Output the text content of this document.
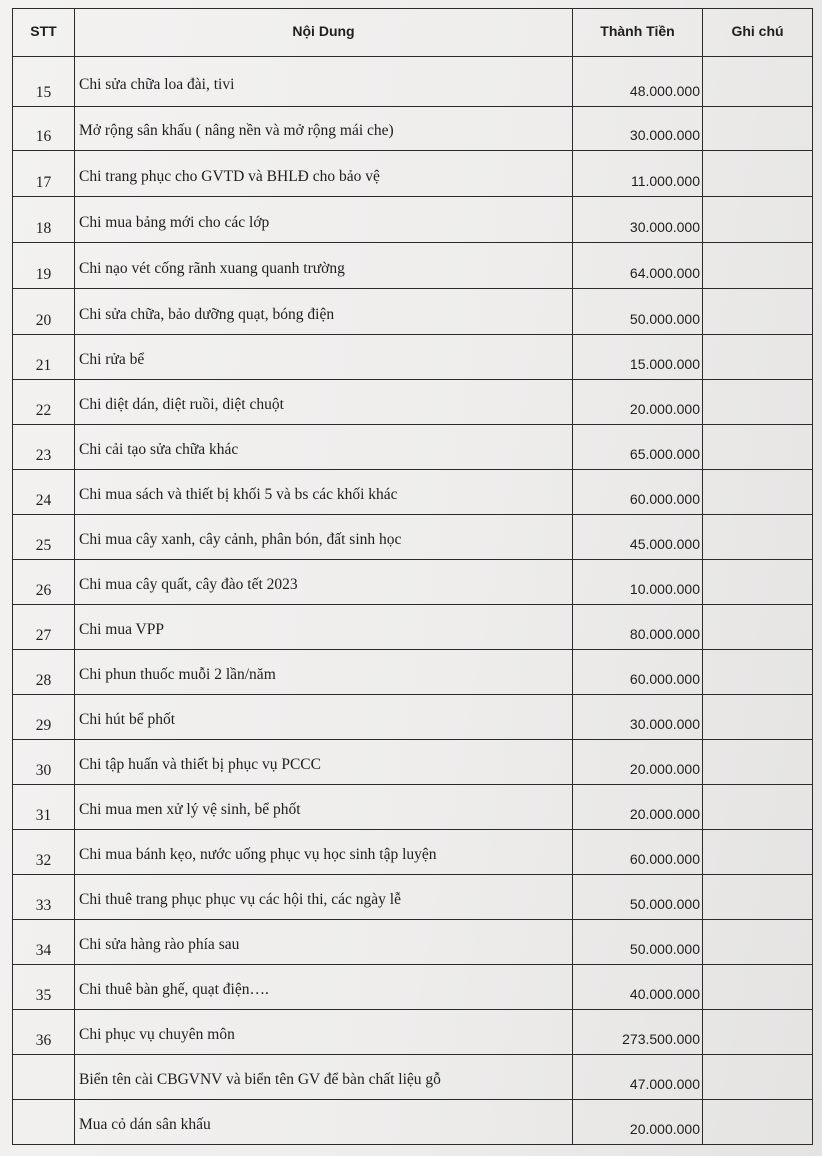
STT	Nội Dung	Thành Tiền	Ghi chú
15	Chi sửa chữa loa đài, tivi	48.000.000	
16	Mở rộng sân khấu ( nâng nền và mở rộng mái che)	30.000.000	
17	Chi trang phục cho GVTD và BHLĐ cho bảo vệ	11.000.000	
18	Chi mua bảng mới cho các lớp	30.000.000	
19	Chi nạo vét cống rãnh xuang quanh trường	64.000.000	
20	Chi sửa chữa, bảo dưỡng quạt, bóng điện	50.000.000	
21	Chi rửa bể	15.000.000	
22	Chi diệt dán, diệt ruồi, diệt chuột	20.000.000	
23	Chi cải tạo sửa chữa khác	65.000.000	
24	Chi mua sách và thiết bị khối 5 và bs các khối khác	60.000.000	
25	Chi mua cây xanh, cây cảnh, phân bón, đất sinh học	45.000.000	
26	Chi mua cây quất, cây đào tết 2023	10.000.000	
27	Chi mua VPP	80.000.000	
28	Chi phun thuốc muỗi 2 lần/năm	60.000.000	
29	Chi hút bể phốt	30.000.000	
30	Chi tập huấn và thiết bị phục vụ PCCC	20.000.000	
31	Chi mua men xử lý vệ sinh, bể phốt	20.000.000	
32	Chi mua bánh kẹo, nước uống phục vụ học sinh tập luyện	60.000.000	
33	Chi thuê trang phục phục vụ các hội thi, các ngày lễ	50.000.000	
34	Chi sửa hàng rào phía sau	50.000.000	
35	Chi thuê bàn ghế, quạt điện….	40.000.000	
36	Chi phục vụ chuyên môn	273.500.000	
	Biển tên cài CBGVNV và biển tên GV để bàn chất liệu gỗ	47.000.000	
	Mua cỏ dán sân khấu	20.000.000	
